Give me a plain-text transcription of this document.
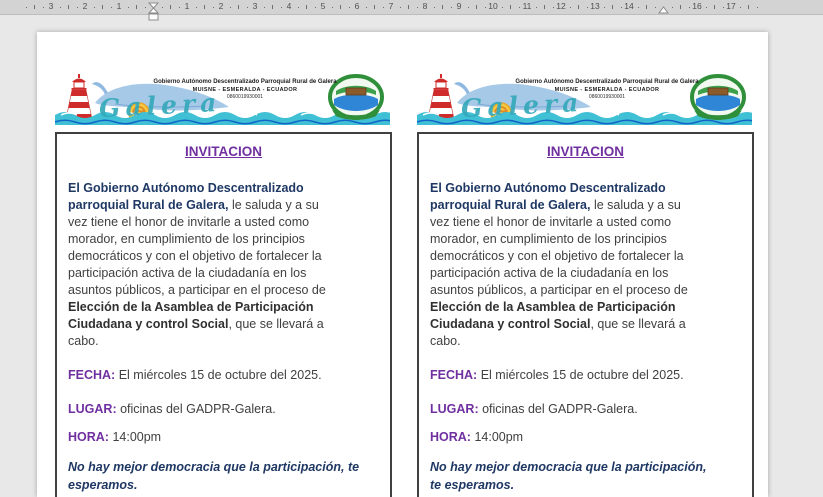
3	2	1	1	2	3	4	5	6	7	8	9	10	11	12	13	14	16	17
Gobierno Autónomo Descentralizado Parroquial Rural de Galera
MUISNE - ESMERALDA - ECUADOR
0860019930001
Galera
INVITACION
El Gobierno Autónomo Descentralizado
parroquial Rural de Galera, le saluda y a su
vez tiene el honor de invitarle a usted como
morador, en cumplimiento de los principios
democráticos y con el objetivo de fortalecer la
participación activa de la ciudadanía en los
asuntos públicos, a participar en el proceso de
Elección de la Asamblea de Participación
Ciudadana y control Social, que se llevará a
cabo.
FECHA: El miércoles 15 de octubre del 2025.
LUGAR: oficinas del GADPR-Galera.
HORA: 14:00pm
No hay mejor democracia que la participación, te
esperamos.
Gobierno Autónomo Descentralizado Parroquial Rural de Galera
MUISNE - ESMERALDA - ECUADOR
0860019930001
Galera
INVITACION
El Gobierno Autónomo Descentralizado
parroquial Rural de Galera, le saluda y a su
vez tiene el honor de invitarle a usted como
morador, en cumplimiento de los principios
democráticos y con el objetivo de fortalecer la
participación activa de la ciudadanía en los
asuntos públicos, a participar en el proceso de
Elección de la Asamblea de Participación
Ciudadana y control Social, que se llevará a
cabo.
FECHA: El miércoles 15 de octubre del 2025.
LUGAR: oficinas del GADPR-Galera.
HORA: 14:00pm
No hay mejor democracia que la participación,
te esperamos.
